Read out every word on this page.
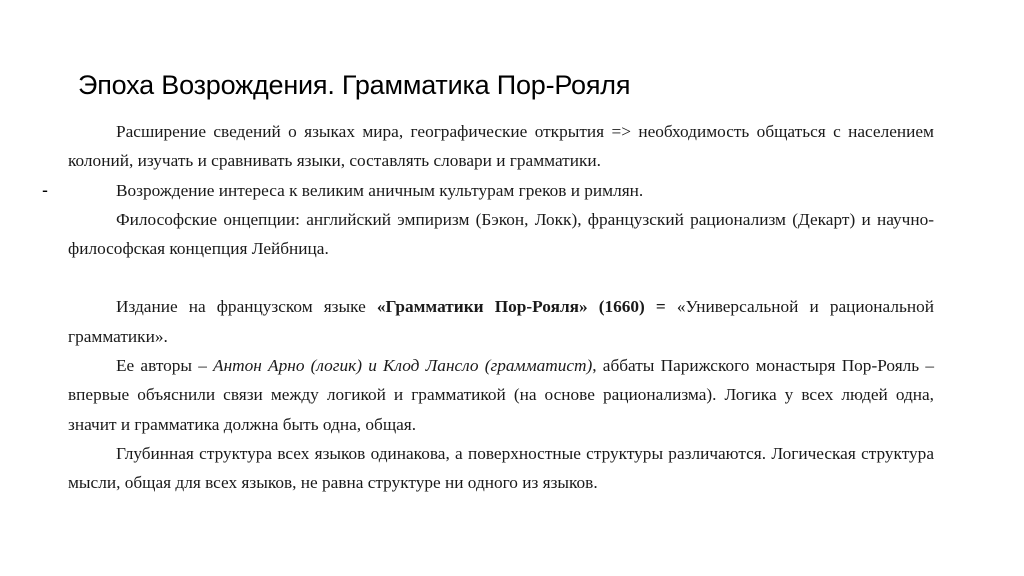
Эпоха Возрождения. Грамматика Пор-Рояля
-

Расширение сведений о языках мира, географические открытия => необходимость общаться с населением колоний, изучать и сравнивать языки, составлять словари и грамматики.

Возрождение интереса к великим аничным культурам греков и римлян.

Философские онцепции: английский эмпиризм (Бэкон, Локк), французский рационализм (Декарт) и научно-философская концепция Лейбница.

Издание на французском языке «Грамматики Пор-Рояля» (1660) = «Универсальной и рациональной грамматики».

Ее авторы – Антон Арно (логик) и Клод Лансло (грамматист), аббаты Парижского монастыря Пор-Рояль – впервые объяснили связи между логикой и грамматикой (на основе рационализма). Логика у всех людей одна, значит и грамматика должна быть одна, общая.

Глубинная структура всех языков одинакова, а поверхностные структуры различаются. Логическая структура мысли, общая для всех языков, не равна структуре ни одного из языков.
